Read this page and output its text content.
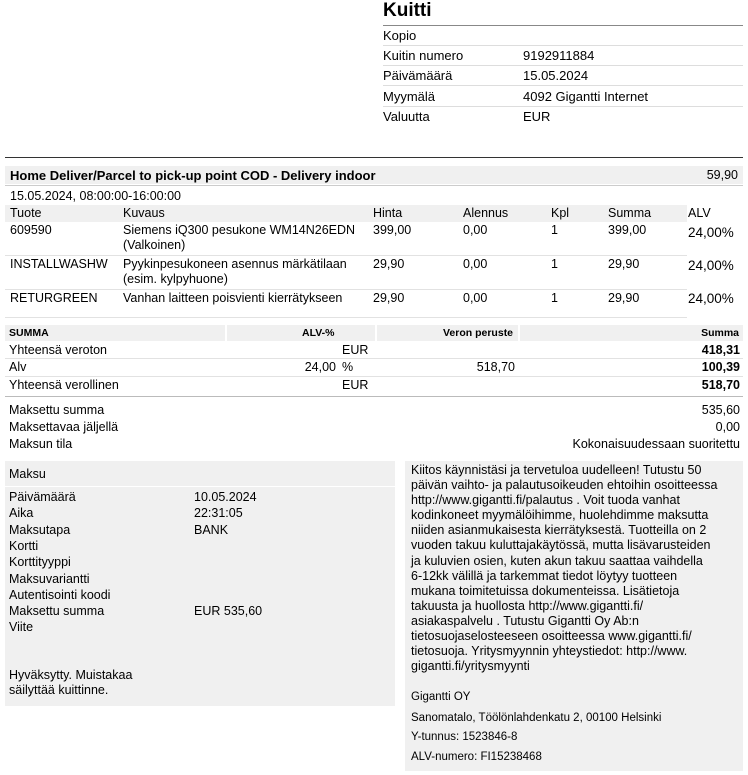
Kuitti
Kopio
Kuitin numero	9192911884
Päivämäärä	15.05.2024
Myymälä	4092 Gigantti Internet
Valuutta	EUR
Home Deliver/Parcel to pick-up point COD - Delivery indoor	59,90
15.05.2024, 08:00:00-16:00:00
Tuote	Kuvaus	Hinta	Alennus	Kpl	Summa	ALV
609590	Siemens iQ300 pesukone WM14N26EDN
(Valkoinen)
399,00	0,00	1	399,00	24,00%
INSTALLWASHW Pyykinpesukoneen asennus märkätilaan
(esim. kylpyhuone)
29,90	0,00	1	29,90	24,00%
RETURGREEN Vanhan laitteen poisvienti kierrätykseen 29,90	0,00	1	29,90	24,00%
SUMMA	ALV-%	Veron peruste	Summa
Yhteensä veroton	EUR	418,31
Alv	24,00 %	518,70	100,39
Yhteensä verollinen	EUR	518,70
Maksettu summa	535,60
Maksettavaa jäljellä	0,00
Maksun tila	Kokonaisuudessaan suoritettu
Maksu
Päivämäärä	10.05.2024
Aika	22:31:05
Maksutapa	BANK
Kortti
Korttityyppi
Maksuvariantti
Autentisointi koodi
Maksettu summa	EUR 535,60
Viite
Hyväksytty. Muistakaa
säilyttää kuittinne.
Kiitos käynnistäsi ja tervetuloa uudelleen! Tutustu 50
päivän vaihto- ja palautusoikeuden ehtoihin osoitteessa
http://www.gigantti.fi/palautus . Voit tuoda vanhat
kodinkoneet myymälöihimme, huolehdimme maksutta
niiden asianmukaisesta kierrätyksestä. Tuotteilla on 2
vuoden takuu kuluttajakäytössä, mutta lisävarusteiden
ja kuluvien osien, kuten akun takuu saattaa vaihdella
6-12kk välillä ja tarkemmat tiedot löytyy tuotteen
mukana toimitetuissa dokumenteissa. Lisätietoja
takuusta ja huollosta http://www.gigantti.fi/
asiakaspalvelu . Tutustu Gigantti Oy Ab:n
tietosuojaselosteeseen osoitteessa www.gigantti.fi/
tietosuoja. Yritysmyynnin yhteystiedot: http://www.
gigantti.fi/yritysmyynti
Gigantti OY
Sanomatalo, Töölönlahdenkatu 2, 00100 Helsinki
Y-tunnus: 1523846-8
ALV-numero: FI15238468
